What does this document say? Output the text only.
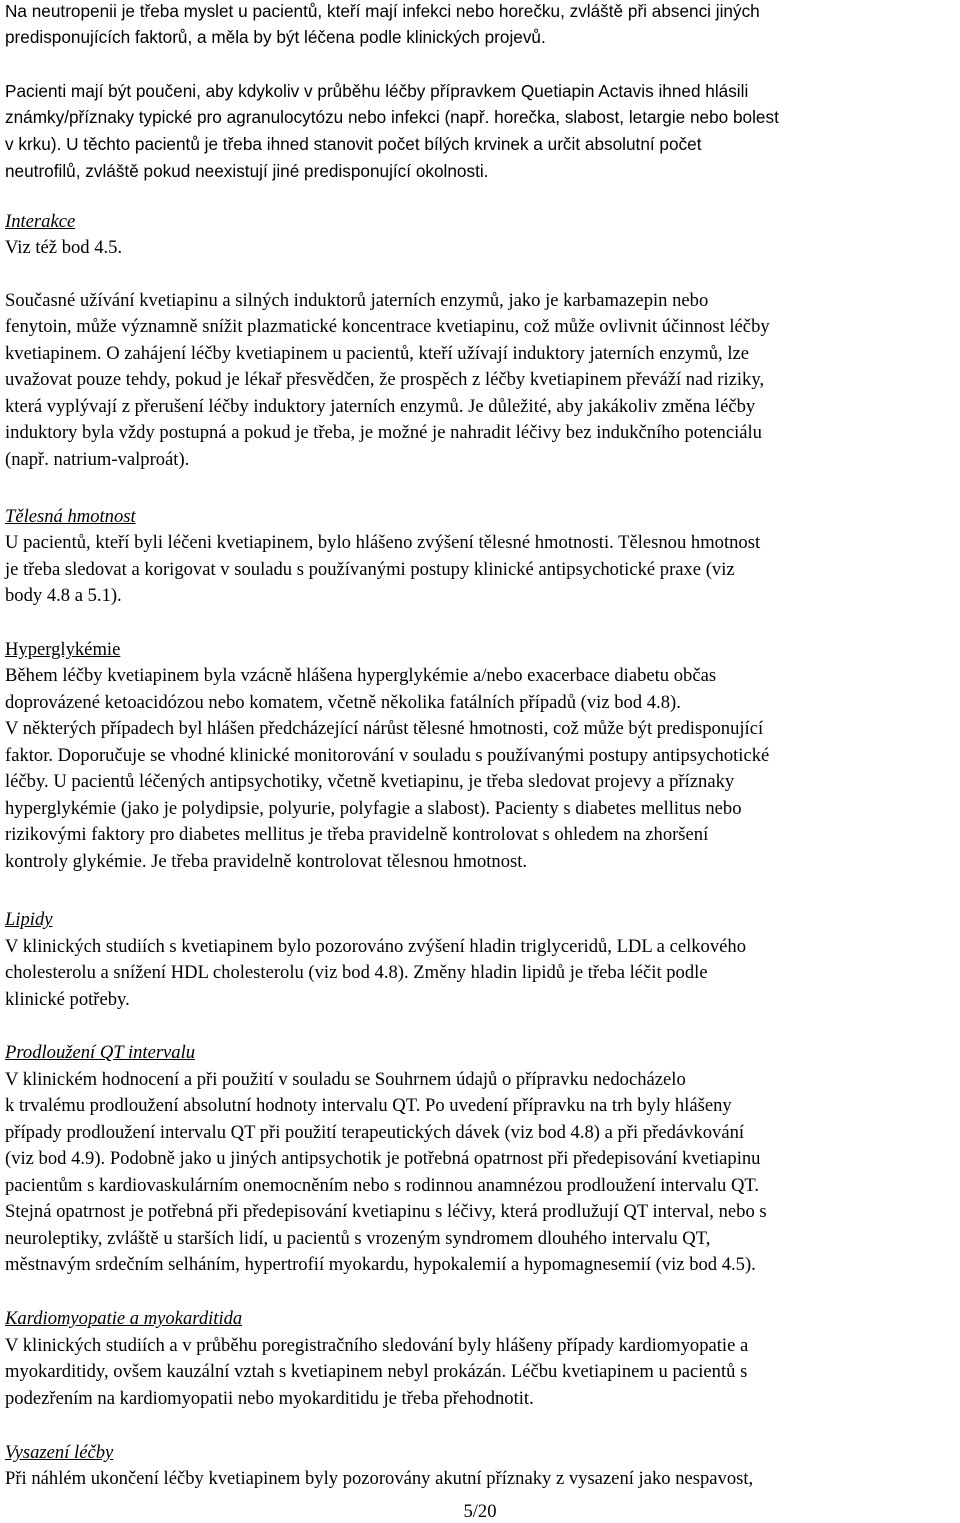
Na neutropenii je třeba myslet u pacientů, kteří mají infekci nebo horečku, zvláště při absenci jiných
predisponujících faktorů, a měla by být léčena podle klinických projevů.
Pacienti mají být poučeni, aby kdykoliv v průběhu léčby přípravkem Quetiapin Actavis ihned hlásili
známky/příznaky typické pro agranulocytózu nebo infekci (např. horečka, slabost, letargie nebo bolest
v krku). U těchto pacientů je třeba ihned stanovit počet bílých krvinek a určit absolutní počet
neutrofilů, zvláště pokud neexistují jiné predisponující okolnosti.
Interakce
Viz též bod 4.5.
Současné užívání kvetiapinu a silných induktorů jaterních enzymů, jako je karbamazepin nebo
fenytoin, může významně snížit plazmatické koncentrace kvetiapinu, což může ovlivnit účinnost léčby
kvetiapinem. O zahájení léčby kvetiapinem u pacientů, kteří užívají induktory jaterních enzymů, lze
uvažovat pouze tehdy, pokud je lékař přesvědčen, že prospěch z léčby kvetiapinem převáží nad riziky,
která vyplývají z přerušení léčby induktory jaterních enzymů. Je důležité, aby jakákoliv změna léčby
induktory byla vždy postupná a pokud je třeba, je možné je nahradit léčivy bez indukčního potenciálu
(např. natrium-valproát).
Tělesná hmotnost
U pacientů, kteří byli léčeni kvetiapinem, bylo hlášeno zvýšení tělesné hmotnosti. Tělesnou hmotnost
je třeba sledovat a korigovat v souladu s používanými postupy klinické antipsychotické praxe (viz
body 4.8 a 5.1).
Hyperglykémie
Během léčby kvetiapinem byla vzácně hlášena hyperglykémie a/nebo exacerbace diabetu občas
doprovázené ketoacidózou nebo komatem, včetně několika fatálních případů (viz bod 4.8).
V některých případech byl hlášen předcházející nárůst tělesné hmotnosti, což může být predisponující
faktor. Doporučuje se vhodné klinické monitorování v souladu s používanými postupy antipsychotické
léčby. U pacientů léčených antipsychotiky, včetně kvetiapinu, je třeba sledovat projevy a příznaky
hyperglykémie (jako je polydipsie, polyurie, polyfagie a slabost). Pacienty s diabetes mellitus nebo
rizikovými faktory pro diabetes mellitus je třeba pravidelně kontrolovat s ohledem na zhoršení
kontroly glykémie. Je třeba pravidelně kontrolovat tělesnou hmotnost.
Lipidy
V klinických studiích s kvetiapinem bylo pozorováno zvýšení hladin triglyceridů, LDL a celkového
cholesterolu a snížení HDL cholesterolu (viz bod 4.8). Změny hladin lipidů je třeba léčit podle
klinické potřeby.
Prodloužení QT intervalu
V klinickém hodnocení a při použití v souladu se Souhrnem údajů o přípravku nedocházelo
k trvalému prodloužení absolutní hodnoty intervalu QT. Po uvedení přípravku na trh byly hlášeny
případy prodloužení intervalu QT při použití terapeutických dávek (viz bod 4.8) a při předávkování
(viz bod 4.9). Podobně jako u jiných antipsychotik je potřebná opatrnost při předepisování kvetiapinu
pacientům s kardiovaskulárním onemocněním nebo s rodinnou anamnézou prodloužení intervalu QT.
Stejná opatrnost je potřebná při předepisování kvetiapinu s léčivy, která prodlužují QT interval, nebo s
neuroleptiky, zvláště u starších lidí, u pacientů s vrozeným syndromem dlouhého intervalu QT,
městnavým srdečním selháním, hypertrofií myokardu, hypokalemií a hypomagnesemií (viz bod 4.5).
Kardiomyopatie a myokarditida
V klinických studiích a v průběhu poregistračního sledování byly hlášeny případy kardiomyopatie a
myokarditidy, ovšem kauzální vztah s kvetiapinem nebyl prokázán. Léčbu kvetiapinem u pacientů s
podezřením na kardiomyopatii nebo myokarditidu je třeba přehodnotit.
Vysazení léčby
Při náhlém ukončení léčby kvetiapinem byly pozorovány akutní příznaky z vysazení jako nespavost,
5/20
